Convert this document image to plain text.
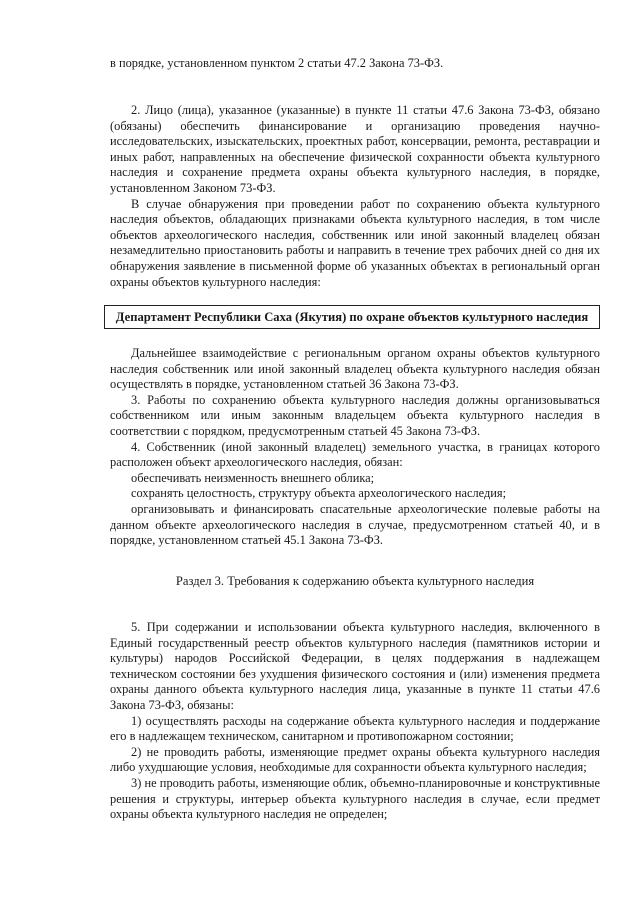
в порядке, установленном пунктом 2 статьи 47.2 Закона 73-ФЗ.

2. Лицо (лица), указанное (указанные) в пункте 11 статьи 47.6 Закона 73-ФЗ, обязано (обязаны) обеспечить финансирование и организацию проведения научно-исследовательских, изыскательских, проектных работ, консервации, ремонта, реставрации и иных работ, направленных на обеспечение физической сохранности объекта культурного наследия и сохранение предмета охраны объекта культурного наследия, в порядке, установленном Законом 73-ФЗ.

В случае обнаружения при проведении работ по сохранению объекта культурного наследия объектов, обладающих признаками объекта культурного наследия, в том числе объектов археологического наследия, собственник или иной законный владелец обязан незамедлительно приостановить работы и направить в течение трех рабочих дней со дня их обнаружения заявление в письменной форме об указанных объектах в региональный орган охраны объектов культурного наследия:

Департамент Республики Саха (Якутия) по охране объектов культурного наследия

Дальнейшее взаимодействие с региональным органом охраны объектов культурного наследия собственник или иной законный владелец объекта культурного наследия обязан осуществлять в порядке, установленном статьей 36 Закона 73-ФЗ.

3. Работы по сохранению объекта культурного наследия должны организовываться собственником или иным законным владельцем объекта культурного наследия в соответствии с порядком, предусмотренным статьей 45 Закона 73-ФЗ.

4. Собственник (иной законный владелец) земельного участка, в границах которого расположен объект археологического наследия, обязан:

обеспечивать неизменность внешнего облика;

сохранять целостность, структуру объекта археологического наследия;

организовывать и финансировать спасательные археологические полевые работы на данном объекте археологического наследия в случае, предусмотренном статьей 40, и в порядке, установленном статьей 45.1 Закона 73-ФЗ.

Раздел 3. Требования к содержанию объекта культурного наследия

5. При содержании и использовании объекта культурного наследия, включенного в Единый государственный реестр объектов культурного наследия (памятников истории и культуры) народов Российской Федерации, в целях поддержания в надлежащем техническом состоянии без ухудшения физического состояния и (или) изменения предмета охраны данного объекта культурного наследия лица, указанные в пункте 11 статьи 47.6 Закона 73-ФЗ, обязаны:

1) осуществлять расходы на содержание объекта культурного наследия и поддержание его в надлежащем техническом, санитарном и противопожарном состоянии;

2) не проводить работы, изменяющие предмет охраны объекта культурного наследия либо ухудшающие условия, необходимые для сохранности объекта культурного наследия;

3) не проводить работы, изменяющие облик, объемно-планировочные и конструктивные решения и структуры, интерьер объекта культурного наследия в случае, если предмет охраны объекта культурного наследия не определен;
